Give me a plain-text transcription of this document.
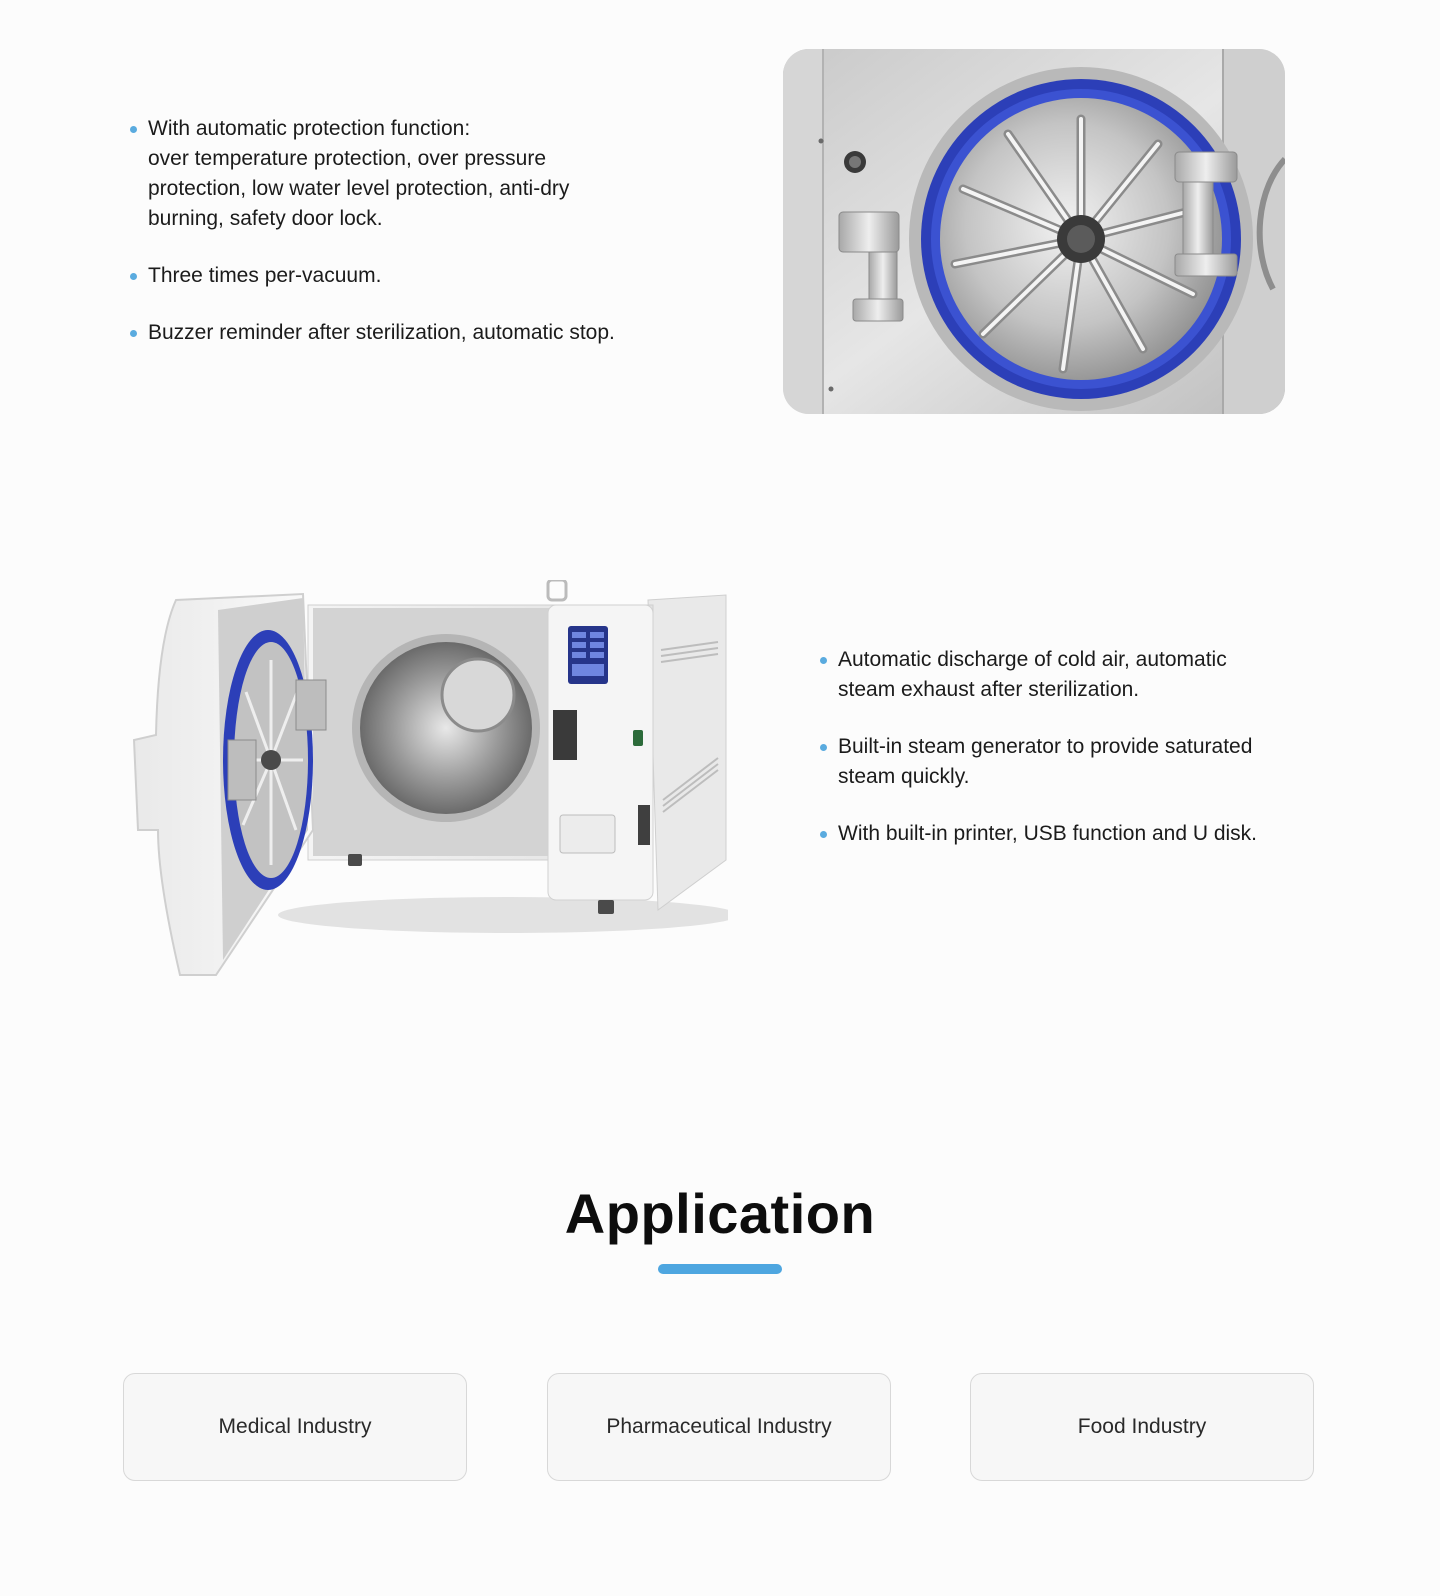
With automatic protection function:
over temperature protection, over pressure
protection, low water level protection, anti-dry
burning, safety door lock.
Three times per-vacuum.
Buzzer reminder after sterilization, automatic stop.
Automatic discharge of cold air, automatic
steam exhaust after sterilization.
Built-in steam generator to provide saturated
steam quickly.
With built-in printer, USB function and U disk.
Application
Medical Industry	Pharmaceutical Industry	Food Industry
